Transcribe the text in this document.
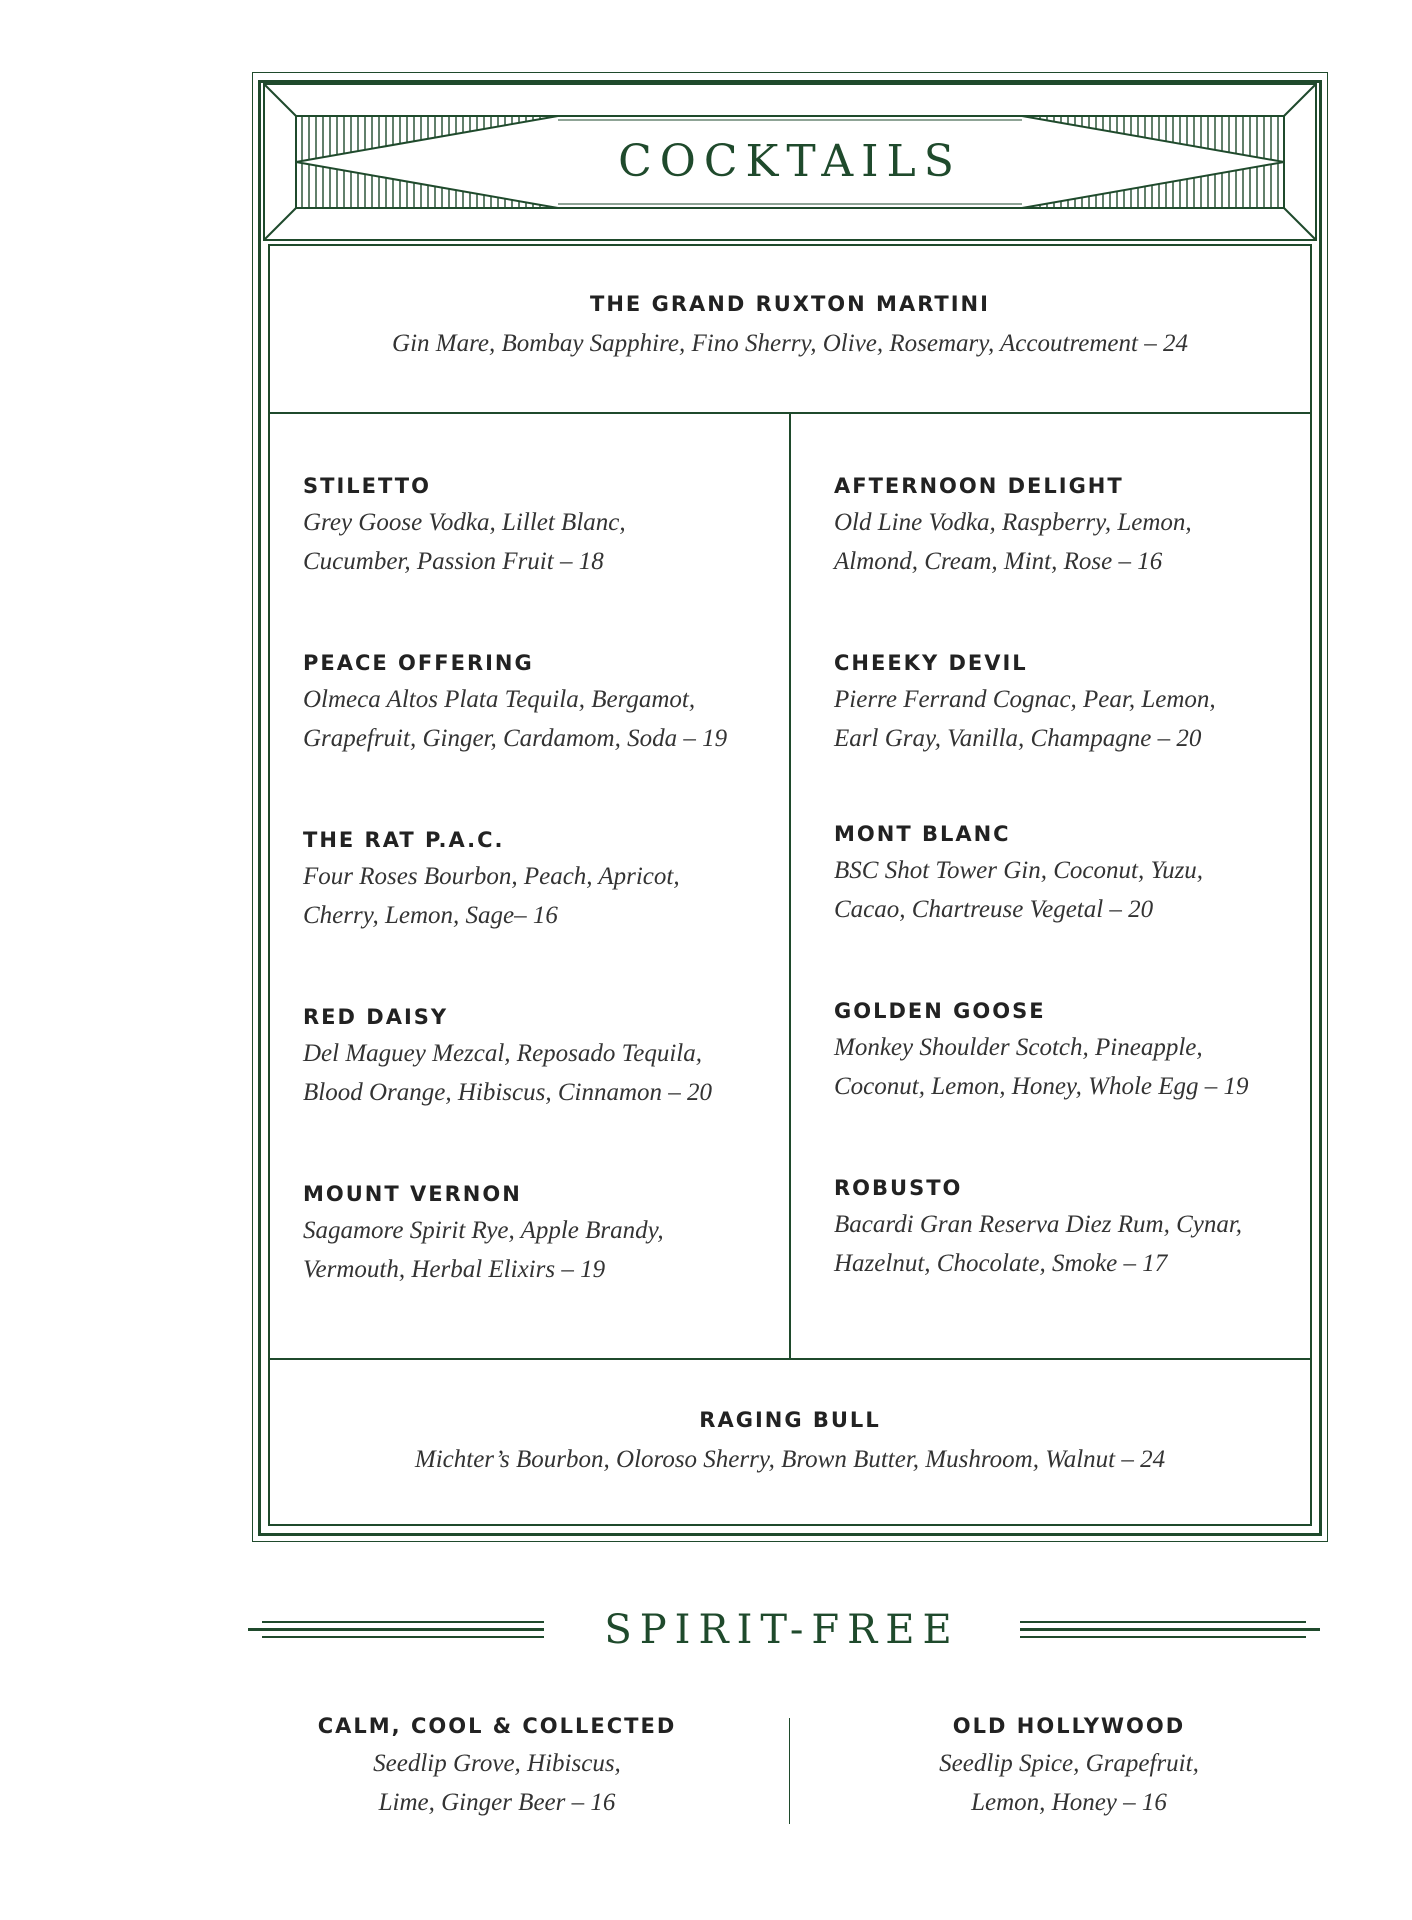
COCKTAILS
THE GRAND RUXTON MARTINI
Gin Mare, Bombay Sapphire, Fino Sherry, Olive, Rosemary, Accoutrement – 24
STILETTO
Grey Goose Vodka, Lillet Blanc,
Cucumber, Passion Fruit – 18
PEACE OFFERING
Olmeca Altos Plata Tequila, Bergamot,
Grapefruit, Ginger, Cardamom, Soda – 19
THE RAT P.A.C.
Four Roses Bourbon, Peach, Apricot,
Cherry, Lemon, Sage– 16
RED DAISY
Del Maguey Mezcal, Reposado Tequila,
Blood Orange, Hibiscus, Cinnamon – 20
MOUNT VERNON
Sagamore Spirit Rye, Apple Brandy,
Vermouth, Herbal Elixirs – 19
AFTERNOON DELIGHT
Old Line Vodka, Raspberry, Lemon,
Almond, Cream, Mint, Rose – 16
CHEEKY DEVIL
Pierre Ferrand Cognac, Pear, Lemon,
Earl Gray, Vanilla, Champagne – 20
MONT BLANC
BSC Shot Tower Gin, Coconut, Yuzu,
Cacao, Chartreuse Vegetal – 20
GOLDEN GOOSE
Monkey Shoulder Scotch, Pineapple,
Coconut, Lemon, Honey, Whole Egg – 19
ROBUSTO
Bacardi Gran Reserva Diez Rum, Cynar,
Hazelnut, Chocolate, Smoke – 17
RAGING BULL
Michter’s Bourbon, Oloroso Sherry, Brown Butter, Mushroom, Walnut – 24
SPIRIT-FREE
CALM, COOL & COLLECTED
Seedlip Grove, Hibiscus,
Lime, Ginger Beer – 16
OLD HOLLYWOOD
Seedlip Spice, Grapefruit,
Lemon, Honey – 16
